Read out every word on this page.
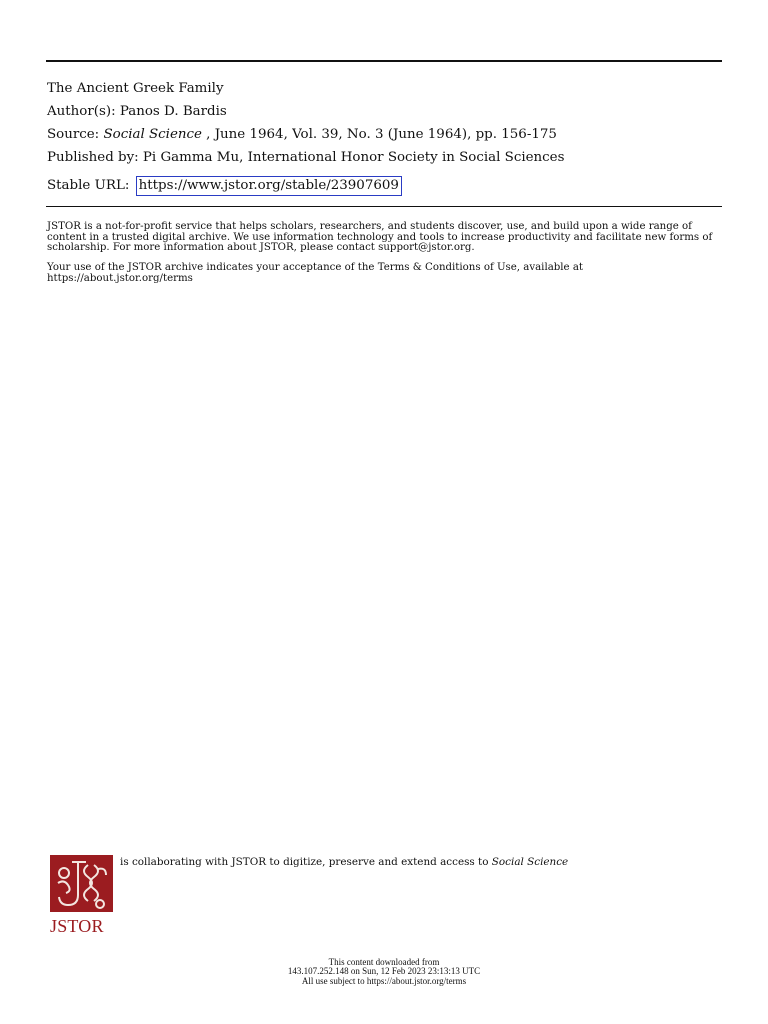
The Ancient Greek Family
Author(s): Panos D. Bardis
Source: Social Science , June 1964, Vol. 39, No. 3 (June 1964), pp. 156-175
Published by: Pi Gamma Mu, International Honor Society in Social Sciences
Stable URL: https://www.jstor.org/stable/23907609
JSTOR is a not-for-profit service that helps scholars, researchers, and students discover, use, and build upon a wide range of content in a trusted digital archive. We use information technology and tools to increase productivity and facilitate new forms of scholarship. For more information about JSTOR, please contact support@jstor.org.
Your use of the JSTOR archive indicates your acceptance of the Terms & Conditions of Use, available at https://about.jstor.org/terms
JSTOR
is collaborating with JSTOR to digitize, preserve and extend access to Social Science
This content downloaded from
143.107.252.148 on Sun, 12 Feb 2023 23:13:13 UTC
All use subject to https://about.jstor.org/terms
